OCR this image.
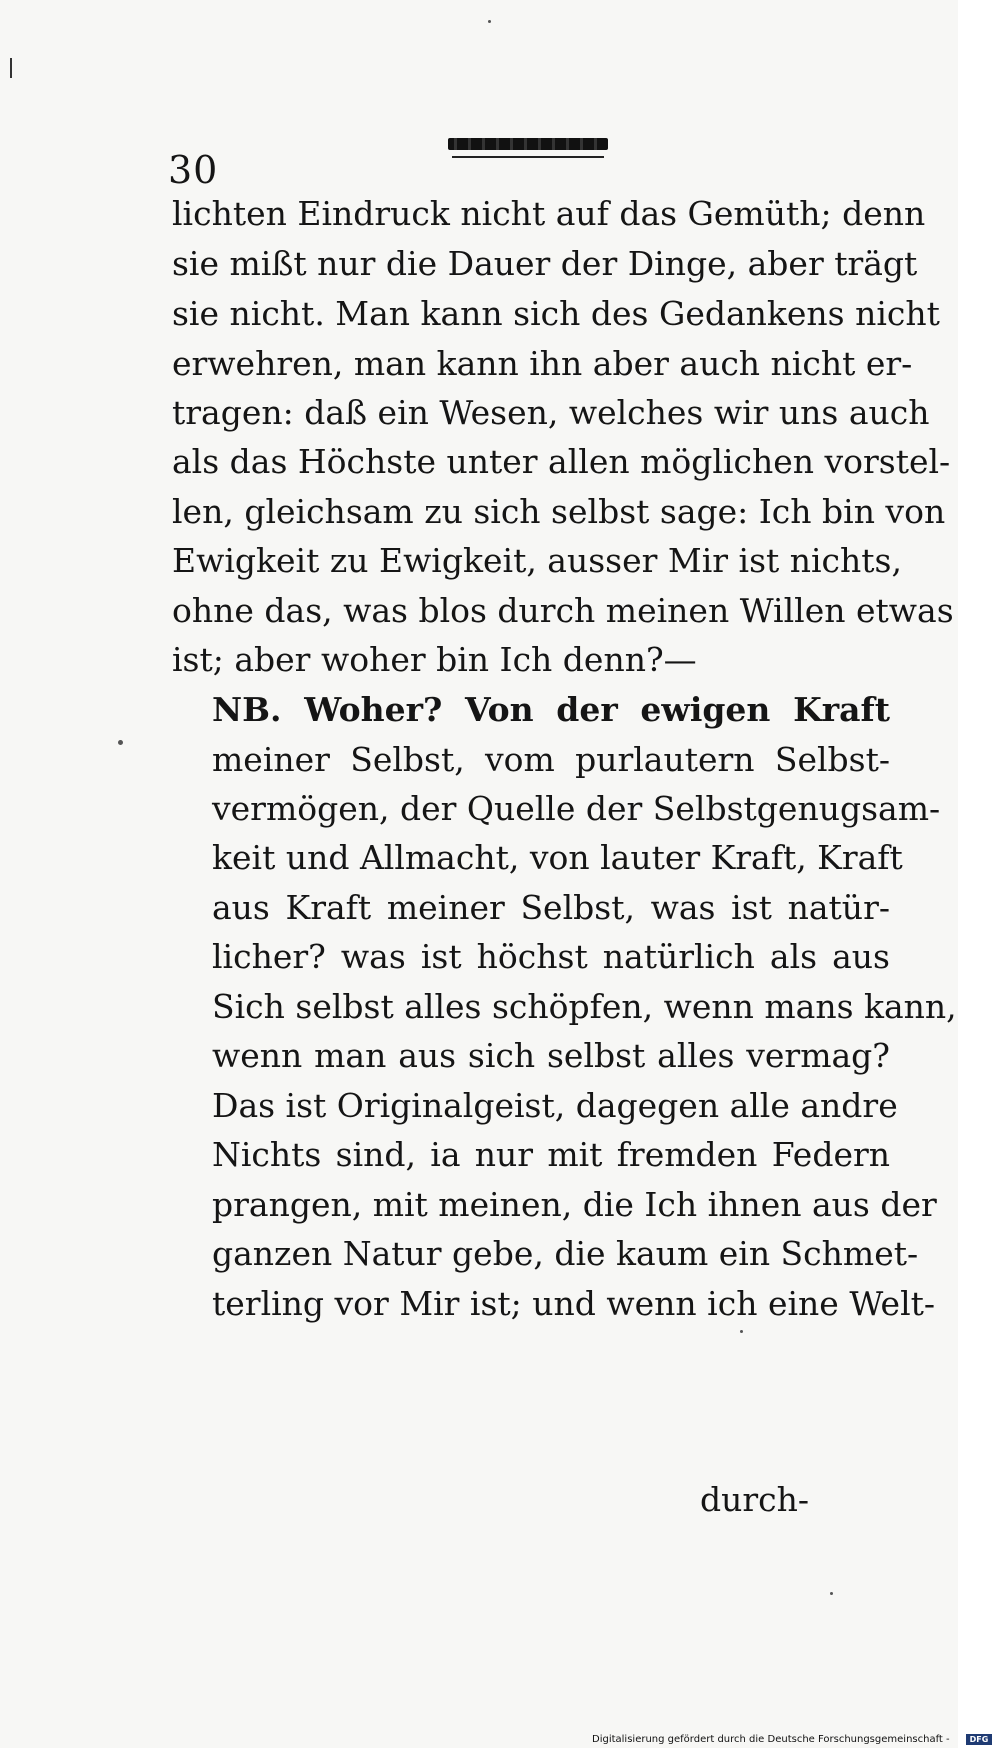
30
lichten Eindruck nicht auf das Gemüth; denn
sie mißt nur die Dauer der Dinge, aber trägt
sie nicht. Man kann sich des Gedankens nicht
erwehren, man kann ihn aber auch nicht er-
tragen: daß ein Wesen, welches wir uns auch
als das Höchste unter allen möglichen vorstel-
len, gleichsam zu sich selbst sage: Ich bin von
Ewigkeit zu Ewigkeit, ausser Mir ist nichts,
ohne das, was blos durch meinen Willen etwas
ist; aber woher bin Ich denn?—
NB. Woher? Von der ewigen Kraft
meiner Selbst, vom purlautern Selbst-
vermögen, der Quelle der Selbstgenugsam-
keit und Allmacht, von lauter Kraft, Kraft
aus Kraft meiner Selbst, was ist natür-
licher? was ist höchst natürlich als aus
Sich selbst alles schöpfen, wenn mans kann,
wenn man aus sich selbst alles vermag?
Das ist Originalgeist, dagegen alle andre
Nichts sind, ia nur mit fremden Federn
prangen, mit meinen, die Ich ihnen aus der
ganzen Natur gebe, die kaum ein Schmet-
terling vor Mir ist; und wenn ich eine Welt-
durch-
Digitalisierung gefördert durch die Deutsche Forschungsgemeinschaft -	DFG
